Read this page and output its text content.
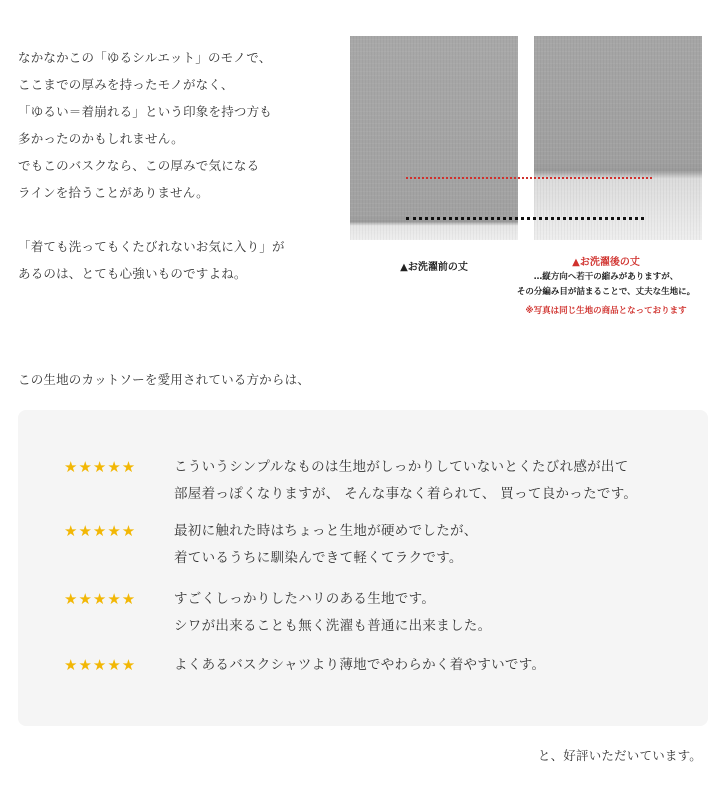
なかなかこの「ゆるシルエット」のモノで、
ここまでの厚みを持ったモノがなく、
「ゆるい＝着崩れる」という印象を持つ方も
多かったのかもしれません。
でもこのバスクなら、この厚みで気になる
ラインを拾うことがありません。

「着ても洗ってもくたびれないお気に入り」が
あるのは、とても心強いものですよね。	▲お洗濯前の丈	▲お洗濯後の丈
…縦方向へ若干の縮みがありますが、
その分編み目が詰まることで、丈夫な生地に。
※写真は同じ生地の商品となっております
この生地のカットソーを愛用されている方からは、
★★★★★	こういうシンプルなものは生地がしっかりしていないとくたびれ感が出て
部屋着っぽくなりますが、 そんな事なく着られて、 買って良かったです。
★★★★★	最初に触れた時はちょっと生地が硬めでしたが、
着ているうちに馴染んできて軽くてラクです。
★★★★★	すごくしっかりしたハリのある生地です。
シワが出来ることも無く洗濯も普通に出来ました。
★★★★★	よくあるバスクシャツより薄地でやわらかく着やすいです。
と、好評いただいています。
